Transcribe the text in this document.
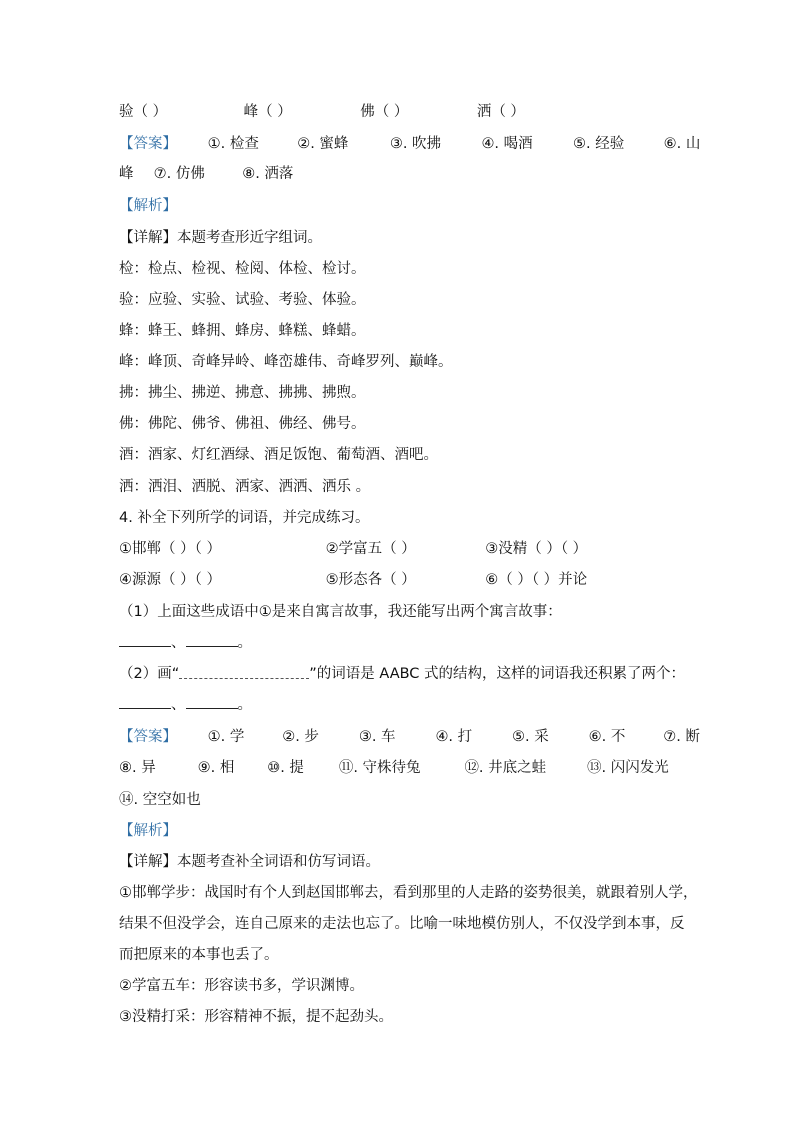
验（ ）	峰（ ）	佛（ ）	洒（ ）
【答案】 ①. 检查	②. 蜜蜂	③. 吹拂	④. 喝酒	⑤. 经验	⑥. 山
峰 ⑦. 仿佛	⑧. 洒落
【解析】
【详解】本题考查形近字组词。
检：检点、检视、检阅、体检、检讨。
验：应验、实验、试验、考验、体验。
蜂：蜂王、蜂拥、蜂房、蜂糕、蜂蜡。
峰：峰顶、奇峰异岭、峰峦雄伟、奇峰罗列、巅峰。
拂：拂尘、拂逆、拂意、拂拂、拂煦。
佛：佛陀、佛爷、佛祖、佛经、佛号。
酒：酒家、灯红酒绿、酒足饭饱、葡萄酒、酒吧。
洒：洒泪、洒脱、洒家、洒洒、洒乐 。
4. 补全下列所学的词语，并完成练习。
①邯郸（ ）（ ）	②学富五（ ）	③没精（ ）（ ）
④源源（ ）（ ）	⑤形态各（ ）	⑥（ ）（ ）并论
（1）上面这些成语中①是来自寓言故事，我还能写出两个寓言故事：
、	。
（2）画“	”的词语是 AABC 式的结构，这样的词语我还积累了两个：
、	。
【答案】 ①. 学	②. 步	③. 车	④. 打	⑤. 采	⑥. 不	⑦. 断
⑧. 异	⑨. 相 ⑩. 提 ⑪. 守株待兔	⑫. 井底之蛙	⑬. 闪闪发光
⑭. 空空如也
【解析】
【详解】本题考查补全词语和仿写词语。
①邯郸学步：战国时有个人到赵国邯郸去，看到那里的人走路的姿势很美，就跟着别人学，
结果不但没学会，连自己原来的走法也忘了。比喻一味地模仿别人，不仅没学到本事，反
而把原来的本事也丢了。
②学富五车：形容读书多，学识渊博。
③没精打采：形容精神不振，提不起劲头。
